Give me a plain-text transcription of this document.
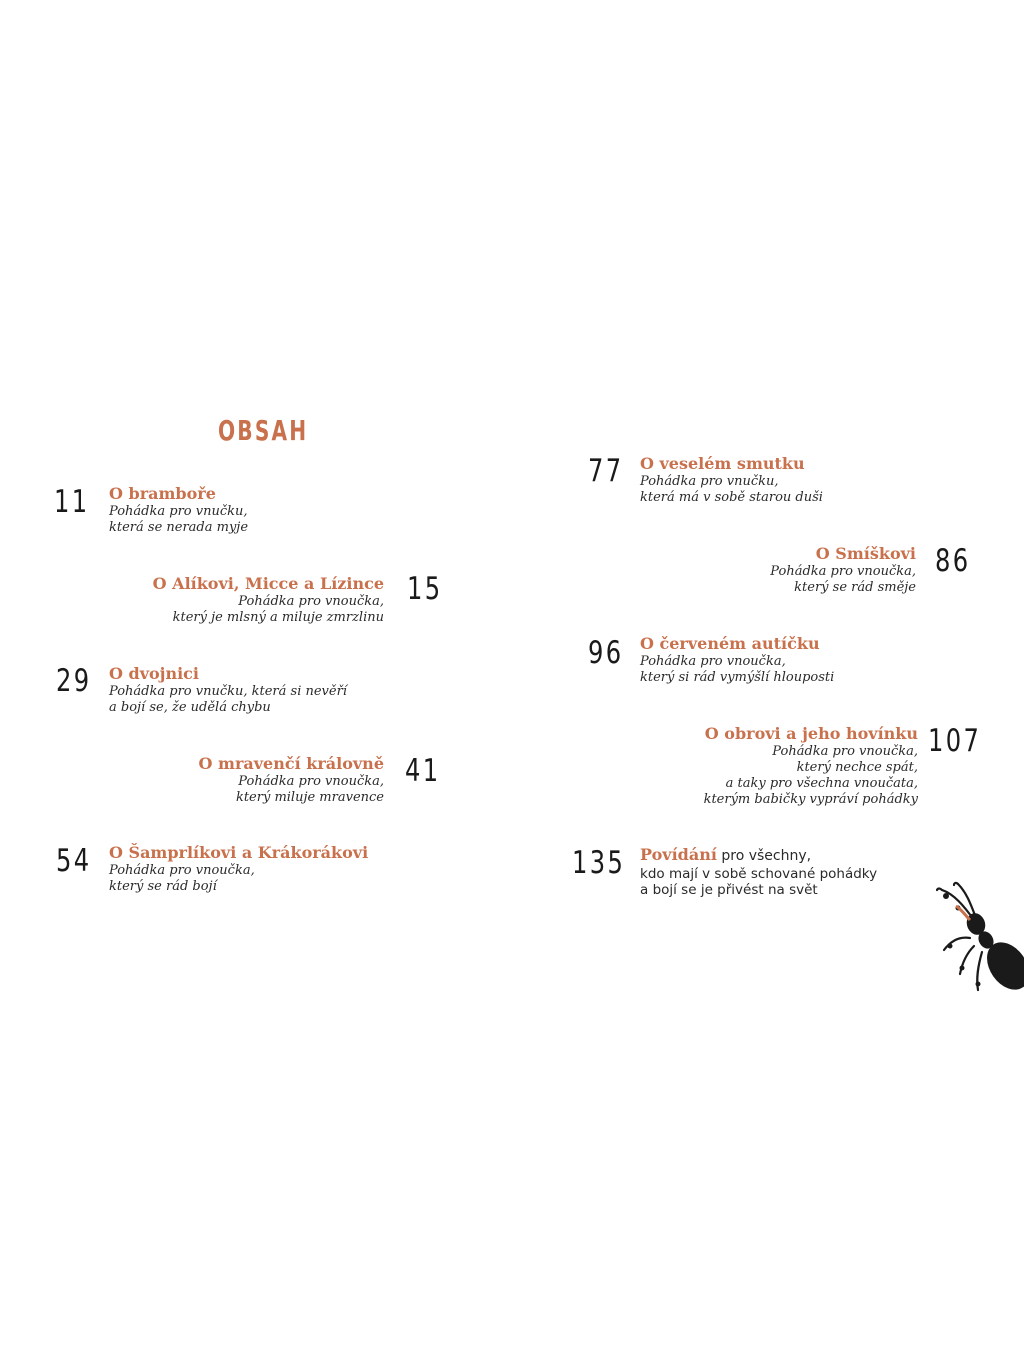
OBSAH
11 O bramboře
Pohádka pro vnučku,
která se nerada myje
O Alíkovi, Micce a Lízince
Pohádka pro vnoučka,
který je mlsný a miluje zmrzlinu
15
29 O dvojnici
Pohádka pro vnučku, která si nevěří
a bojí se, že udělá chybu
O mravenčí královně
Pohádka pro vnoučka,
který miluje mravence
41
54 O Šamprlíkovi a Krákorákovi
Pohádka pro vnoučka,
který se rád bojí
77 O veselém smutku
Pohádka pro vnučku,
která má v sobě starou duši
O Smíškovi
Pohádka pro vnoučka,
který se rád směje
86
96 O červeném autíčku
Pohádka pro vnoučka,
který si rád vymýšlí hlouposti
O obrovi a jeho hovínku
Pohádka pro vnoučka,
který nechce spát,
a taky pro všechna vnoučata,
kterým babičky vypráví pohádky
107
135 Povídání pro všechny,
kdo mají v sobě schované pohádky
a bojí se je přivést na svět
